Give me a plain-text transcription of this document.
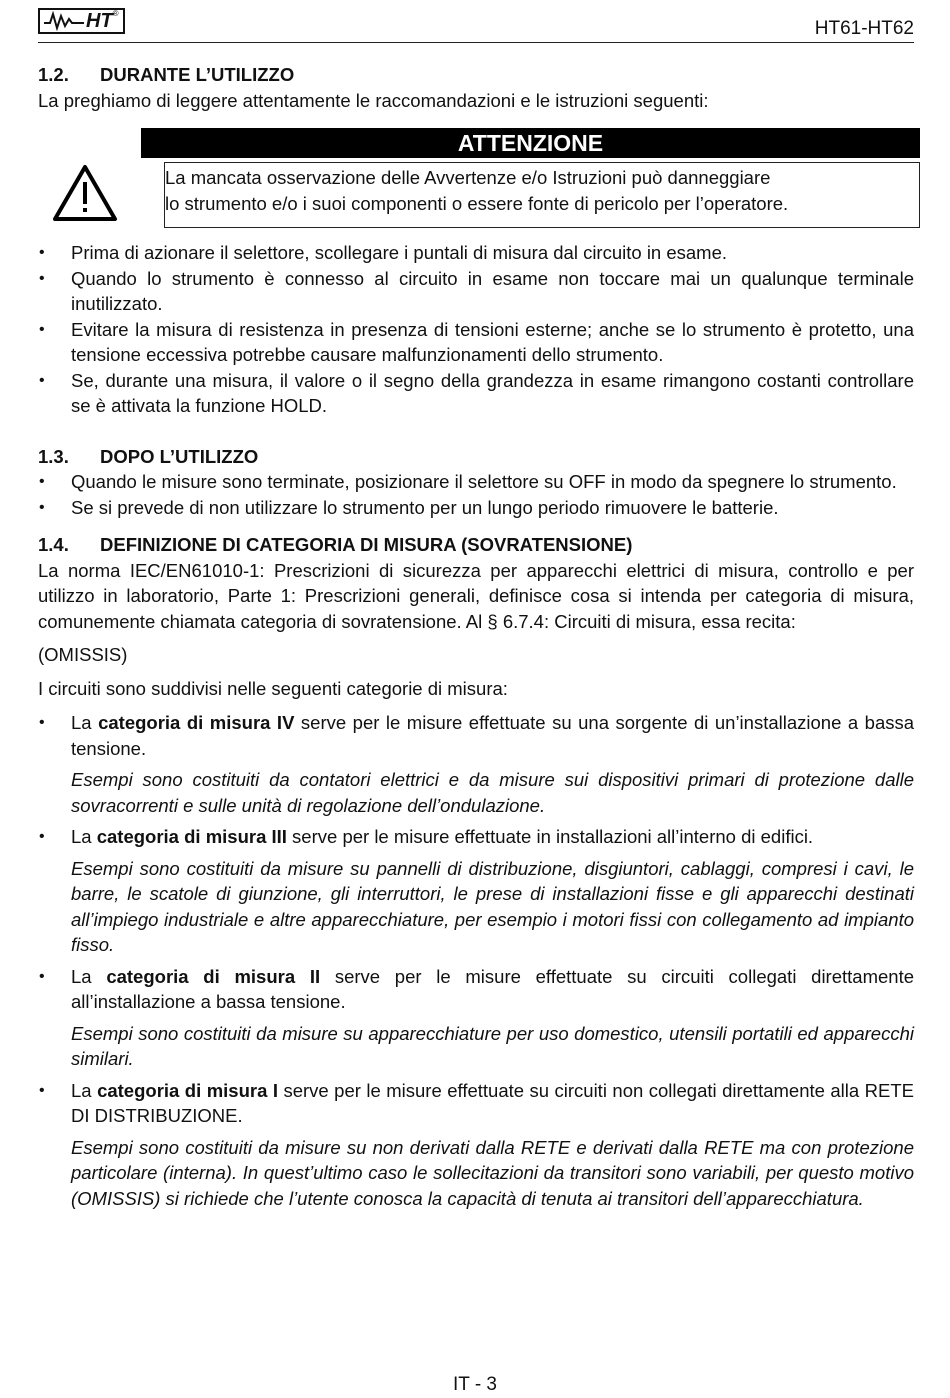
HT ®
HT61-HT62
1.2.	DURANTE L’UTILIZZO

La preghiamo di leggere attentamente le raccomandazioni e le istruzioni seguenti:

ATTENZIONE
La mancata osservazione delle Avvertenze e/o Istruzioni può danneggiare
lo strumento e/o i suoi componenti o essere fonte di pericolo per l’operatore.
• Prima di azionare il selettore, scollegare i puntali di misura dal circuito in esame.
• Quando lo strumento è connesso al circuito in esame non toccare mai un qualunque terminale inutilizzato.
• Evitare la misura di resistenza in presenza di tensioni esterne; anche se lo strumento è protetto, una tensione eccessiva potrebbe causare malfunzionamenti dello strumento.
• Se, durante una misura, il valore o il segno della grandezza in esame rimangono costanti controllare se è attivata la funzione HOLD.
1.3.	DOPO L’UTILIZZO
• Quando le misure sono terminate, posizionare il selettore su OFF in modo da spegnere lo strumento.
• Se si prevede di non utilizzare lo strumento per un lungo periodo rimuovere le batterie.
1.4.	DEFINIZIONE DI CATEGORIA DI MISURA (SOVRATENSIONE)

La norma IEC/EN61010-1: Prescrizioni di sicurezza per apparecchi elettrici di misura, controllo e per utilizzo in laboratorio, Parte 1: Prescrizioni generali, definisce cosa si intenda per categoria di misura, comunemente chiamata categoria di sovratensione. Al § 6.7.4: Circuiti di misura, essa recita:

(OMISSIS)

I circuiti sono suddivisi nelle seguenti categorie di misura:

• La categoria di misura IV serve per le misure effettuate su una sorgente di un’installazione a bassa tensione.

Esempi sono costituiti da contatori elettrici e da misure sui dispositivi primari di protezione dalle sovracorrenti e sulle unità di regolazione dell’ondulazione.

• La categoria di misura III serve per le misure effettuate in installazioni all’interno di edifici.

Esempi sono costituiti da misure su pannelli di distribuzione, disgiuntori, cablaggi, compresi i cavi, le barre, le scatole di giunzione, gli interruttori, le prese di installazioni fisse e gli apparecchi destinati all’impiego industriale e altre apparecchiature, per esempio i motori fissi con collegamento ad impianto fisso.

• La categoria di misura II serve per le misure effettuate su circuiti collegati direttamente all’installazione a bassa tensione.

Esempi sono costituiti da misure su apparecchiature per uso domestico, utensili portatili ed apparecchi similari.

• La categoria di misura I serve per le misure effettuate su circuiti non collegati direttamente alla RETE DI DISTRIBUZIONE.

Esempi sono costituiti da misure su non derivati dalla RETE e derivati dalla RETE ma con protezione particolare (interna). In quest’ultimo caso le sollecitazioni da transitori sono variabili, per questo motivo (OMISSIS) si richiede che l’utente conosca la capacità di tenuta ai transitori dell’apparecchiatura.

IT - 3
